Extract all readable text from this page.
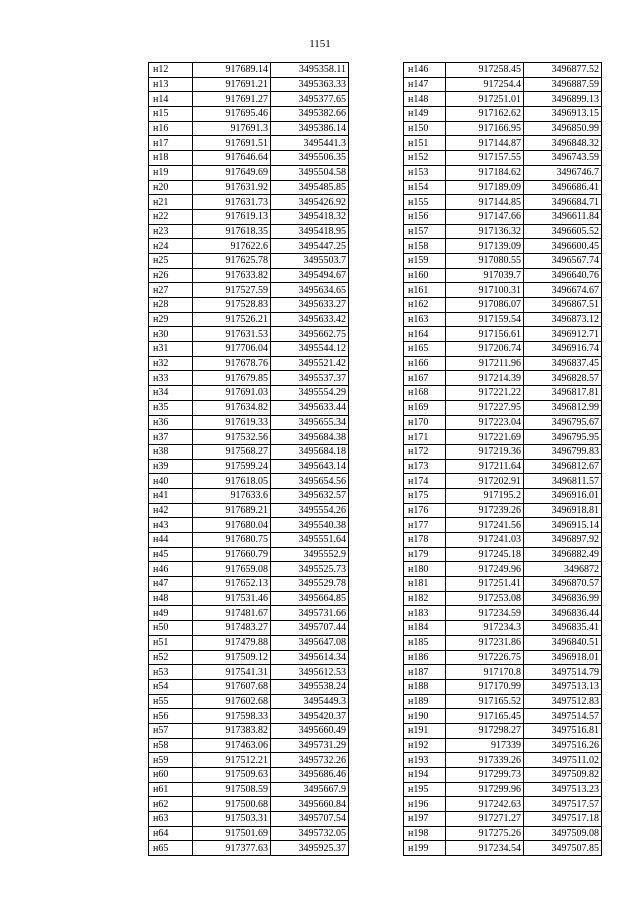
1151
н12	917689.14	3495358.11
н13	917691.21	3495363.33
н14	917691.27	3495377.65
н15	917695.46	3495382.66
н16	917691.3	3495386.14
н17	917691.51	3495441.3
н18	917646.64	3495506.35
н19	917649.69	3495504.58
н20	917631.92	3495485.85
н21	917631.73	3495426.92
н22	917619.13	3495418.32
н23	917618.35	3495418.95
н24	917622.6	3495447.25
н25	917625.78	3495503.7
н26	917633.82	3495494.67
н27	917527.59	3495634.65
н28	917528.83	3495633.27
н29	917526.21	3495633.42
н30	917631.53	3495662.75
н31	917706.04	3495544.12
н32	917678.76	3495521.42
н33	917679.85	3495537.37
н34	917691.03	3495554.29
н35	917634.82	3495633.44
н36	917619.33	3495655.34
н37	917532.56	3495684.38
н38	917568.27	3495684.18
н39	917599.24	3495643.14
н40	917618.05	3495654.56
н41	917633.6	3495632.57
н42	917689.21	3495554.26
н43	917680.04	3495540.38
н44	917680.75	3495551.64
н45	917660.79	3495552.9
н46	917659.08	3495525.73
н47	917652.13	3495529.78
н48	917531.46	3495664.85
н49	917481.67	3495731.66
н50	917483.27	3495707.44
н51	917479.88	3495647.08
н52	917509.12	3495614.34
н53	917541.31	3495612.53
н54	917607.68	3495538.24
н55	917602.68	3495449.3
н56	917598.33	3495420.37
н57	917383.82	3495660.49
н58	917463.06	3495731.29
н59	917512.21	3495732.26
н60	917509.63	3495686.46
н61	917508.59	3495667.9
н62	917500.68	3495660.84
н63	917503.31	3495707.54
н64	917501.69	3495732.05
н65	917377.63	3495925.37
н146	917258.45	3496877.52
н147	917254.4	3496887.59
н148	917251.01	3496899.13
н149	917162.62	3496913.15
н150	917166.95	3496850.99
н151	917144.87	3496848.32
н152	917157.55	3496743.59
н153	917184.62	3496746.7
н154	917189.09	3496686.41
н155	917144.85	3496684.71
н156	917147.66	3496611.84
н157	917136.32	3496605.52
н158	917139.09	3496600.45
н159	917080.55	3496567.74
н160	917039.7	3496640.76
н161	917100.31	3496674.67
н162	917086.07	3496867.51
н163	917159.54	3496873.12
н164	917156.61	3496912.71
н165	917206.74	3496916.74
н166	917211.96	3496837.45
н167	917214.39	3496828.57
н168	917221.22	3496817.81
н169	917227.95	3496812.99
н170	917223.04	3496795.67
н171	917221.69	3496795.95
н172	917219.36	3496799.83
н173	917211.64	3496812.67
н174	917202.91	3496811.57
н175	917195.2	3496916.01
н176	917239.26	3496918.81
н177	917241.56	3496915.14
н178	917241.03	3496897.92
н179	917245.18	3496882.49
н180	917249.96	3496872
н181	917251.41	3496870.57
н182	917253.08	3496836.99
н183	917234.59	3496836.44
н184	917234.3	3496835.41
н185	917231.86	3496840.51
н186	917226.75	3496918.01
н187	917170.8	3497514.79
н188	917170.99	3497513.13
н189	917165.52	3497512.83
н190	917165.45	3497514.57
н191	917298.27	3497516.81
н192	917339	3497516.26
н193	917339.26	3497511.02
н194	917299.73	3497509.82
н195	917299.96	3497513.23
н196	917242.63	3497517.57
н197	917271.27	3497517.18
н198	917275.26	3497509.08
н199	917234.54	3497507.85
